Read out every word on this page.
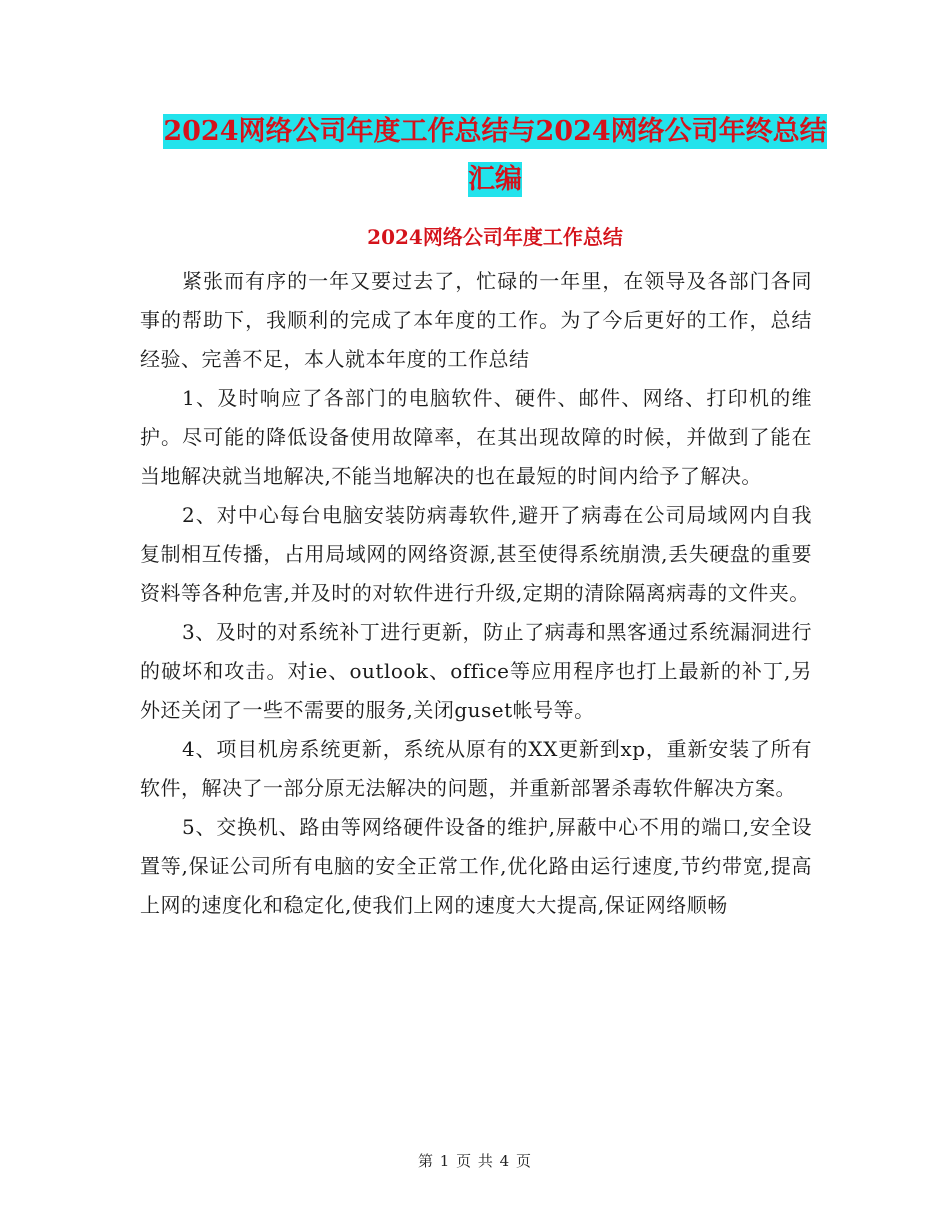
2024网络公司年度工作总结与2024网络公司年终总结
汇编
2024网络公司年度工作总结

紧张而有序的一年又要过去了，忙碌的一年里，在领导及各部门各同事的帮助下，我顺利的完成了本年度的工作。为了今后更好的工作，总结经验、完善不足，本人就本年度的工作总结

1、及时响应了各部门的电脑软件、硬件、邮件、网络、打印机的维护。尽可能的降低设备使用故障率，在其出现故障的时候，并做到了能在当地解决就当地解决,不能当地解决的也在最短的时间内给予了解决。

2、对中心每台电脑安装防病毒软件,避开了病毒在公司局域网内自我复制相互传播，占用局域网的网络资源,甚至使得系统崩溃,丢失硬盘的重要资料等各种危害,并及时的对软件进行升级,定期的清除隔离病毒的文件夹。

3、及时的对系统补丁进行更新，防止了病毒和黑客通过系统漏洞进行的破坏和攻击。对ie、outlook、office等应用程序也打上最新的补丁,另外还关闭了一些不需要的服务,关闭guset帐号等。

4、项目机房系统更新，系统从原有的XX更新到xp，重新安装了所有软件，解决了一部分原无法解决的问题，并重新部署杀毒软件解决方案。

5、交换机、路由等网络硬件设备的维护,屏蔽中心不用的端口,安全设置等,保证公司所有电脑的安全正常工作,优化路由运行速度,节约带宽,提高上网的速度化和稳定化,使我们上网的速度大大提高,保证网络顺畅

第 1 页 共 4 页
